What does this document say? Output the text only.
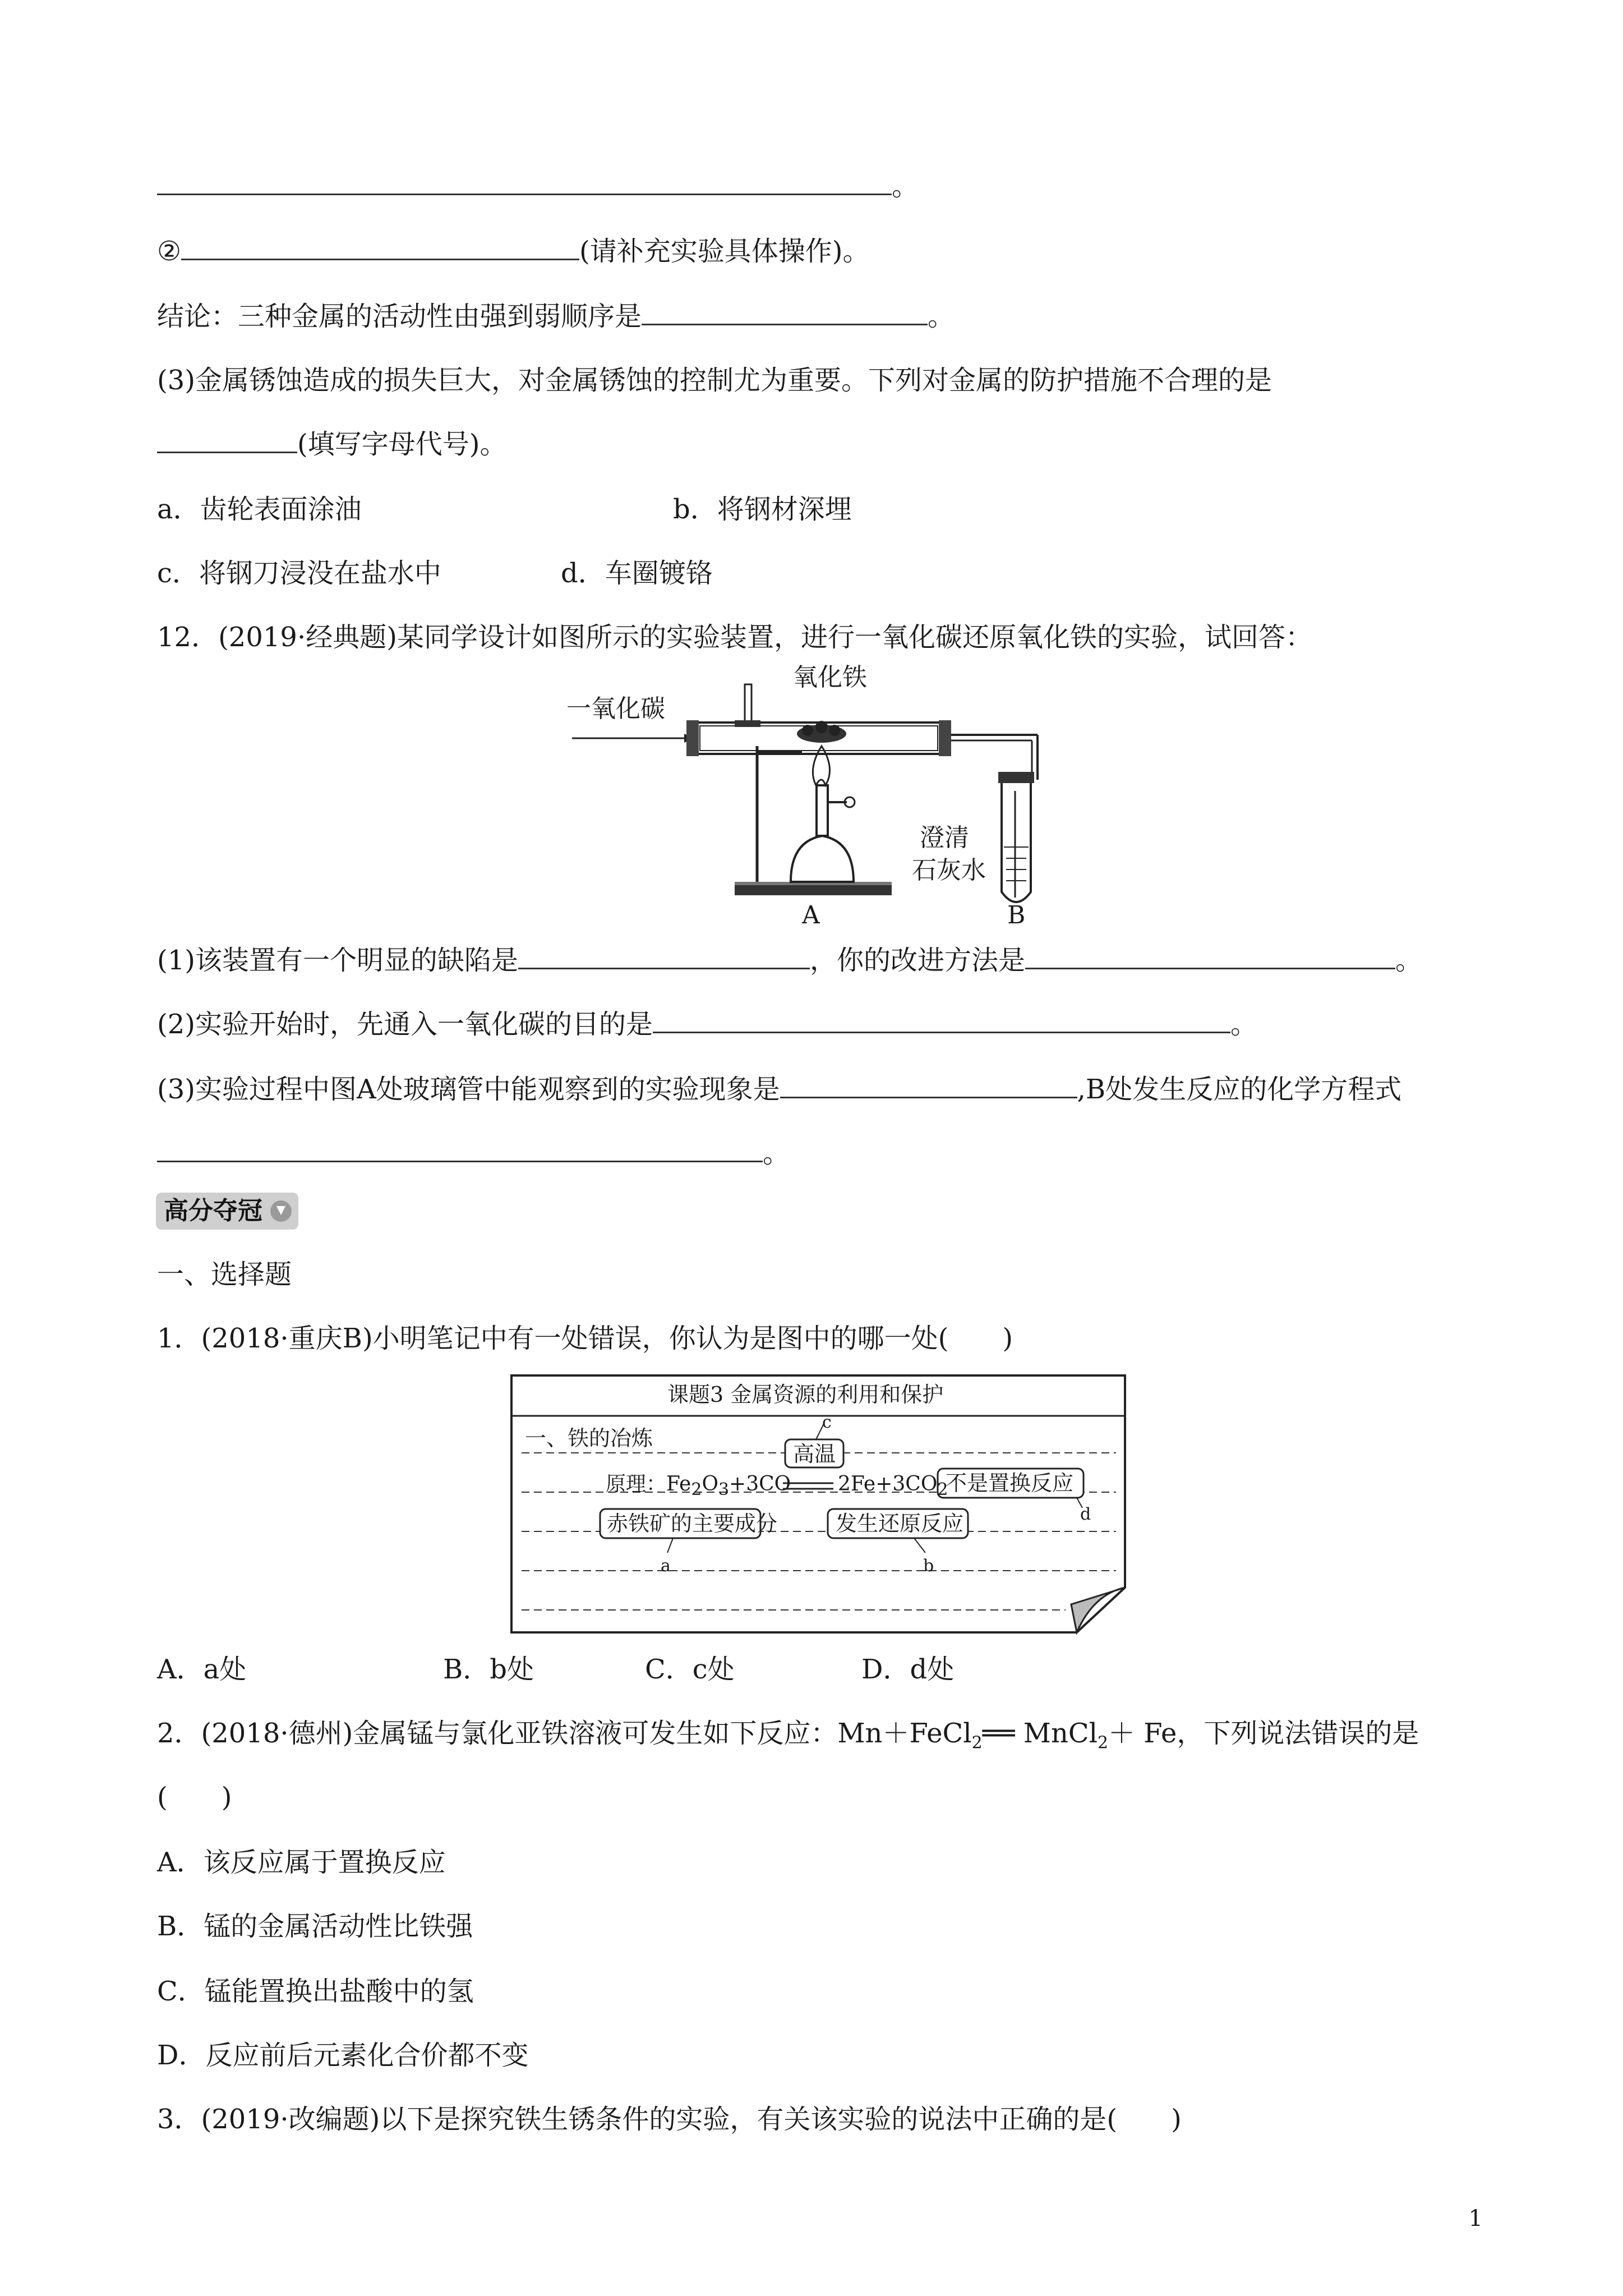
。
②	(请补充实验具体操作)。
结论：三种金属的活动性由强到弱顺序是	。
(3)金属锈蚀造成的损失巨大，对金属锈蚀的控制尤为重要。下列对金属的防护措施不合理的是
(填写字母代号)。
a．齿轮表面涂油	b．将钢材深埋
c．将钢刀浸没在盐水中	d．车圈镀铬
12．(2019·经典题)某同学设计如图所示的实验装置，进行一氧化碳还原氧化铁的实验，试回答：
一氧化碳
氧化铁
澄清
石灰水
A	B
(1)该装置有一个明显的缺陷是	，你的改进方法是	。
(2)实验开始时，先通入一氧化碳的目的是	。
(3)实验过程中图A处玻璃管中能观察到的实验现象是	,B处发生反应的化学方程式
。
高分夺冠
一、选择题
1．(2018·重庆B)小明笔记中有一处错误，你认为是图中的哪一处(　　)
课题3 金属资源的利用和保护
一、铁的冶炼
c
高温
原理：$Fe_2O_3+3CO$ $2Fe+3CO_2$
不是置换反应
d
赤铁矿的主要成分	发生还原反应
a	b
A．a处	B．b处	C．c处	D．d处
2．(2018·德州)金属锰与氯化亚铁溶液可发生如下反应：Mn＋FeCl$_2$══ MnCl$_2$＋ Fe，下列说法错误的是
(　　)
A．该反应属于置换反应
B．锰的金属活动性比铁强
C．锰能置换出盐酸中的氢
D．反应前后元素化合价都不变
3．(2019·改编题)以下是探究铁生锈条件的实验，有关该实验的说法中正确的是(　　)
1
